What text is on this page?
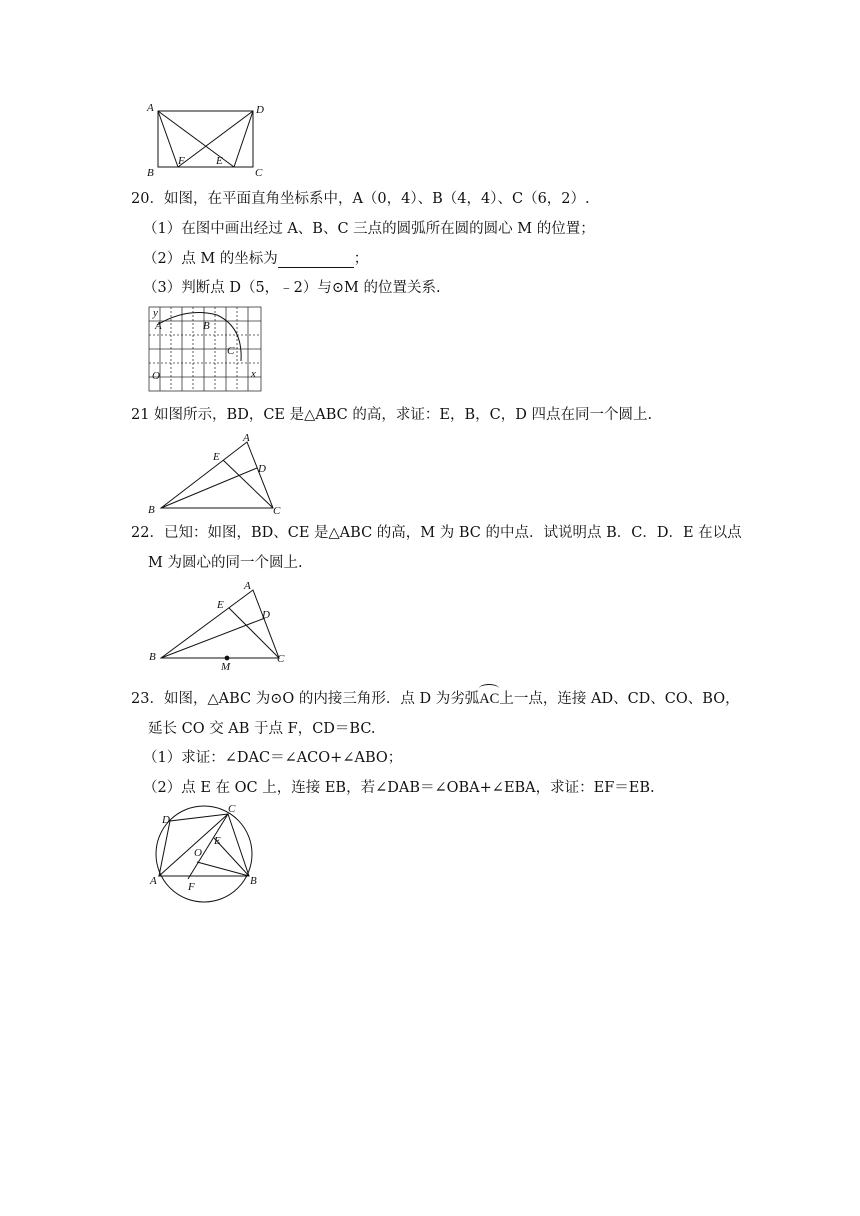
A	D
B
F	E
C
20．如图，在平面直角坐标系中，A（0，4）、B（4，4）、C（6，2）.
（1）在图中画出经过 A、B、C 三点的圆弧所在圆的圆心 M 的位置；
（2）点 M 的坐标为	；
（3）判断点 D（5，﹣2）与⊙M 的位置关系.
y
A	B
C
O	x
21 如图所示，BD，CE 是△ABC 的高，求证：E，B，C，D 四点在同一个圆上.
A
E
D
B	C
22．已知：如图，BD、CE 是△ABC 的高，M 为 BC 的中点．试说明点 B．C．D．E 在以点
M 为圆心的同一个圆上.
A
E
D
B
M
C
23．如图，△ABC 为⊙O 的内接三角形．点 D 为劣弧
AC上一点，连接 AD、CD、CO、BO，
延长 CO 交 AB 于点 F，CD＝BC.
（1）求证：∠DAC＝∠ACO+∠ABO；
（2）点 E 在 OC 上，连接 EB，若∠DAB＝∠OBA+∠EBA，求证：EF＝EB.
D
C
E
O
A	F	B
